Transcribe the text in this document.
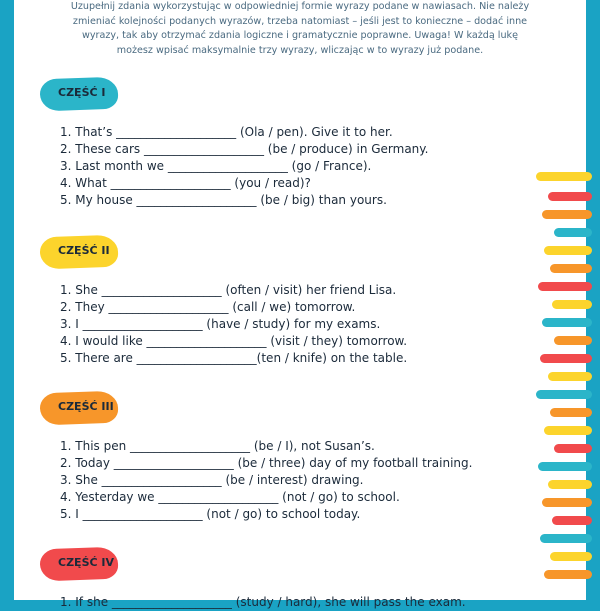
Uzupełnij zdania wykorzystując w odpowiedniej formie wyrazy podane w nawiasach. Nie należy

zmieniać kolejności podanych wyrazów, trzeba natomiast – jeśli jest to konieczne – dodać inne

wyrazy, tak aby otrzymać zdania logiczne i gramatycznie poprawne. Uwaga! W każdą lukę

możesz wpisać maksymalnie trzy wyrazy, wliczając w to wyrazy już podane.

CZĘŚĆ I
1. That’s ____________________ (Ola / pen). Give it to her.
2. These cars ____________________ (be / produce) in Germany.
3. Last month we ____________________ (go / France).
4. What ____________________ (you / read)?
5. My house ____________________ (be / big) than yours.
CZĘŚĆ II
1. She ____________________ (often / visit) her friend Lisa.
2. They ____________________ (call / we) tomorrow.
3. I ____________________ (have / study) for my exams.
4. I would like ____________________ (visit / they) tomorrow.
5. There are ____________________(ten / knife) on the table.
CZĘŚĆ III
1. This pen ____________________ (be / I), not Susan’s.
2. Today ____________________ (be / three) day of my football training.
3. She ____________________ (be / interest) drawing.
4. Yesterday we ____________________ (not / go) to school.
5. I ____________________ (not / go) to school today.
CZĘŚĆ IV
1. If she ____________________ (study / hard), she will pass the exam.
